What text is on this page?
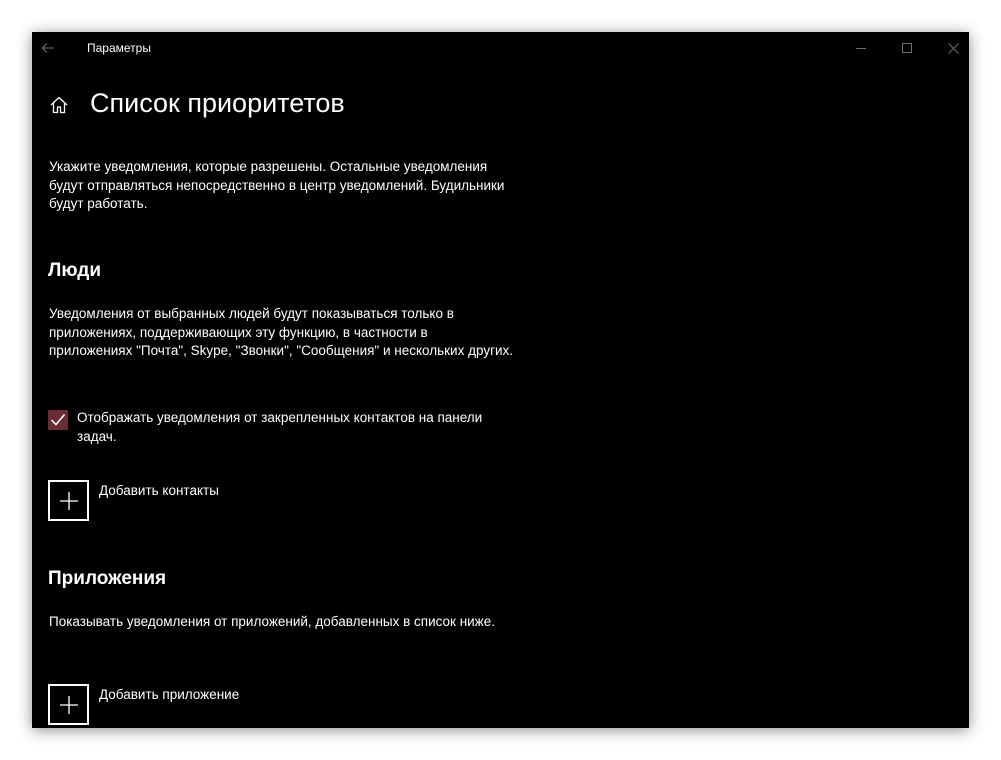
Параметры
Список приоритетов

Укажите уведомления, которые разрешены. Остальные уведомления будут отправляться непосредственно в центр уведомлений. Будильники будут работать.

Люди

Уведомления от выбранных людей будут показываться только в приложениях, поддерживающих эту функцию, в частности в приложениях "Почта", Skype, "Звонки", "Сообщения" и нескольких других.

Отображать уведомления от закрепленных контактов на панели задач.
Добавить контакты
Приложения

Показывать уведомления от приложений, добавленных в список ниже.

Добавить приложение
